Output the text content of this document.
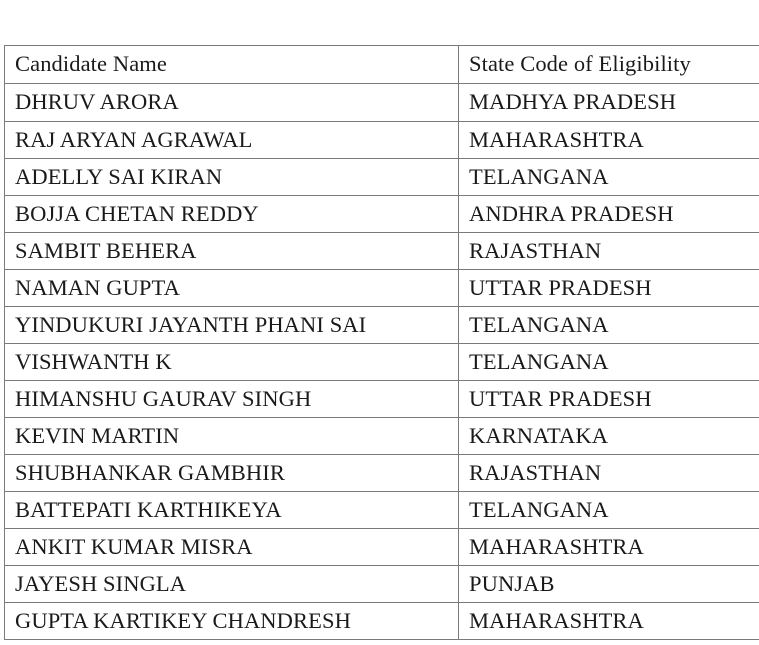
Candidate Name	State Code of Eligibility
DHRUV ARORA	MADHYA PRADESH
RAJ ARYAN AGRAWAL	MAHARASHTRA
ADELLY SAI KIRAN	TELANGANA
BOJJA CHETAN REDDY	ANDHRA PRADESH
SAMBIT BEHERA	RAJASTHAN
NAMAN GUPTA	UTTAR PRADESH
YINDUKURI JAYANTH PHANI SAI	TELANGANA
VISHWANTH K	TELANGANA
HIMANSHU GAURAV SINGH	UTTAR PRADESH
KEVIN MARTIN	KARNATAKA
SHUBHANKAR GAMBHIR	RAJASTHAN
BATTEPATI KARTHIKEYA	TELANGANA
ANKIT KUMAR MISRA	MAHARASHTRA
JAYESH SINGLA	PUNJAB
GUPTA KARTIKEY CHANDRESH	MAHARASHTRA
